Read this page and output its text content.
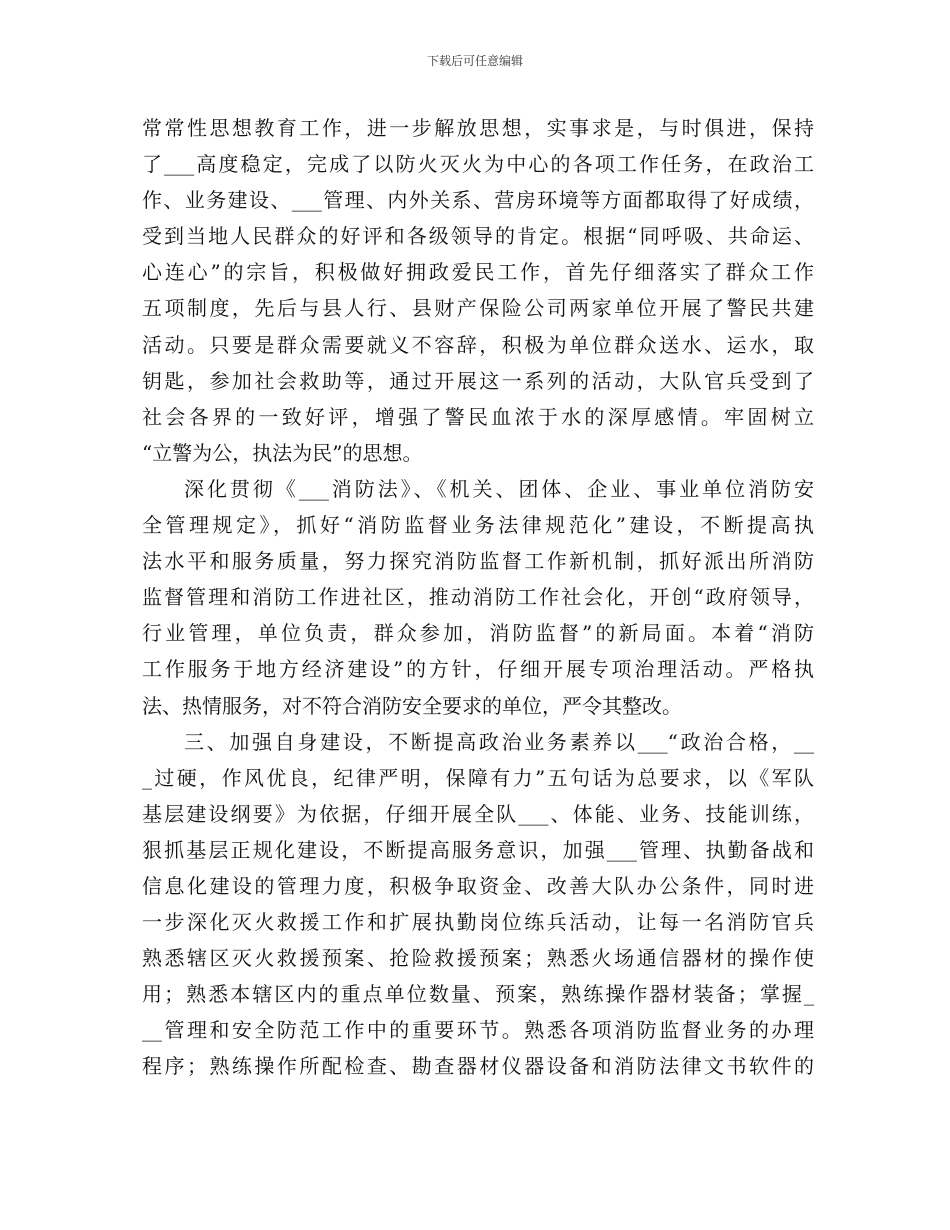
下载后可任意编辑
常常性思想教育工作，进一步解放思想，实事求是，与时俱进，保持
了___高度稳定，完成了以防火灭火为中心的各项工作任务，在政治工
作、业务建设、___管理、内外关系、营房环境等方面都取得了好成绩，
受到当地人民群众的好评和各级领导的肯定。根据“同呼吸、共命运、
心连心”的宗旨，积极做好拥政爱民工作，首先仔细落实了群众工作
五项制度，先后与县人行、县财产保险公司两家单位开展了警民共建
活动。只要是群众需要就义不容辞，积极为单位群众送水、运水，取
钥匙，参加社会救助等，通过开展这一系列的活动，大队官兵受到了
社会各界的一致好评，增强了警民血浓于水的深厚感情。牢固树立
“立警为公，执法为民”的思想。
深化贯彻《___消防法》、《机关、团体、企业、事业单位消防安
全管理规定》，抓好“消防监督业务法律规范化”建设，不断提高执
法水平和服务质量，努力探究消防监督工作新机制，抓好派出所消防
监督管理和消防工作进社区，推动消防工作社会化，开创“政府领导，
行业管理，单位负责，群众参加，消防监督”的新局面。本着“消防
工作服务于地方经济建设”的方针，仔细开展专项治理活动。严格执
法、热情服务，对不符合消防安全要求的单位，严令其整改。
三、加强自身建设，不断提高政治业务素养以___“政治合格，__
_过硬，作风优良，纪律严明，保障有力”五句话为总要求，以《军队
基层建设纲要》为依据，仔细开展全队___、体能、业务、技能训练，
狠抓基层正规化建设，不断提高服务意识，加强___管理、执勤备战和
信息化建设的管理力度，积极争取资金、改善大队办公条件，同时进
一步深化灭火救援工作和扩展执勤岗位练兵活动，让每一名消防官兵
熟悉辖区灭火救援预案、抢险救援预案；熟悉火场通信器材的操作使
用；熟悉本辖区内的重点单位数量、预案，熟练操作器材装备；掌握_
__管理和安全防范工作中的重要环节。熟悉各项消防监督业务的办理
程序；熟练操作所配检查、勘查器材仪器设备和消防法律文书软件的
